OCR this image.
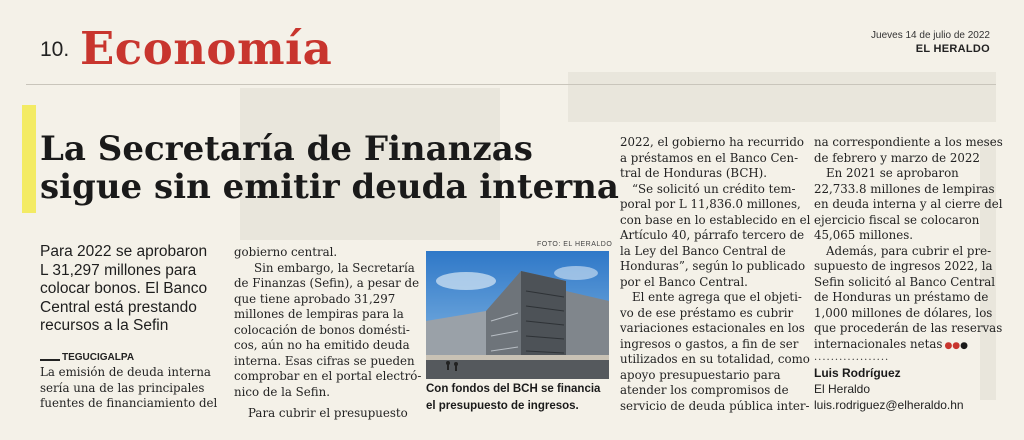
10. Economía	Jueves 14 de julio de 2022
EL HERALDO
La Secretaría de Finanzas
sigue sin emitir deuda interna
Para 2022 se aprobaron
L 31,297 millones para
colocar bonos. El Banco
Central está prestando
recursos a la Sefin
TEGUCIGALPA
La emisión de deuda interna
sería una de las principales
fuentes de financiamiento del
gobierno central.
Sin embargo, la Secretaría
de Finanzas (Sefin), a pesar de
que tiene aprobado 31,297
millones de lempiras para la
colocación de bonos domésti-
cos, aún no ha emitido deuda
interna. Esas cifras se pueden
comprobar en el portal electró-
nico de la Sefin.
Para cubrir el presupuesto
FOTO: EL HERALDO
Con fondos del BCH se financia
el presupuesto de ingresos.
2022, el gobierno ha recurrido
a préstamos en el Banco Cen-
tral de Honduras (BCH).
“Se solicitó un crédito tem-
poral por L 11,836.0 millones,
con base en lo establecido en el
Artículo 40, párrafo tercero de
la Ley del Banco Central de
Honduras”, según lo publicado
por el Banco Central.
El ente agrega que el objeti-
vo de ese préstamo es cubrir
variaciones estacionales en los
ingresos o gastos, a fin de ser
utilizados en su totalidad, como
apoyo presupuestario para
atender los compromisos de
servicio de deuda pública inter-
na correspondiente a los meses
de febrero y marzo de 2022
En 2021 se aprobaron
22,733.8 millones de lempiras
en deuda interna y al cierre del
ejercicio fiscal se colocaron
45,065 millones.
Además, para cubrir el pre-
supuesto de ingresos 2022, la
Sefin solicitó al Banco Central
de Honduras un préstamo de
1,000 millones de dólares, los
que procederán de las reservas
internacionales netas ●●●
..................
Luis Rodríguez
El Heraldo
luis.rodriguez@elheraldo.hn
